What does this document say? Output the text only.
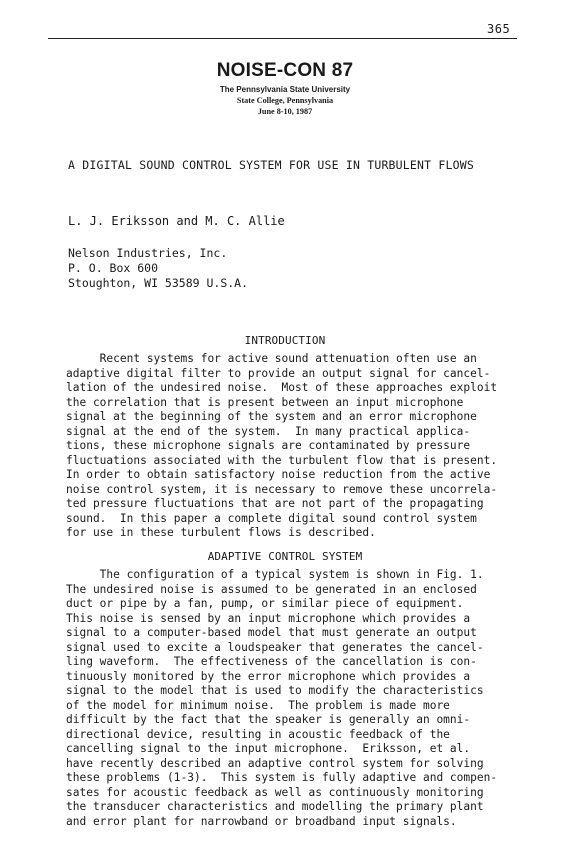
365
NOISE-CON 87
The Pennsylvania State University
State College, Pennsylvania
June 8-10, 1987
A DIGITAL SOUND CONTROL SYSTEM FOR USE IN TURBULENT FLOWS
L. J. Eriksson and M. C. Allie
Nelson Industries, Inc.
P. O. Box 600
Stoughton, WI 53589 U.S.A.
INTRODUCTION
Recent systems for active sound attenuation often use an
adaptive digital filter to provide an output signal for cancel-
lation of the undesired noise.  Most of these approaches exploit
the correlation that is present between an input microphone
signal at the beginning of the system and an error microphone
signal at the end of the system.  In many practical applica-
tions, these microphone signals are contaminated by pressure
fluctuations associated with the turbulent flow that is present.
In order to obtain satisfactory noise reduction from the active
noise control system, it is necessary to remove these uncorrela-
ted pressure fluctuations that are not part of the propagating
sound.  In this paper a complete digital sound control system
for use in these turbulent flows is described.
ADAPTIVE CONTROL SYSTEM
The configuration of a typical system is shown in Fig. 1.
The undesired noise is assumed to be generated in an enclosed
duct or pipe by a fan, pump, or similar piece of equipment.
This noise is sensed by an input microphone which provides a
signal to a computer-based model that must generate an output
signal used to excite a loudspeaker that generates the cancel-
ling waveform.  The effectiveness of the cancellation is con-
tinuously monitored by the error microphone which provides a
signal to the model that is used to modify the characteristics
of the model for minimum noise.  The problem is made more
difficult by the fact that the speaker is generally an omni-
directional device, resulting in acoustic feedback of the
cancelling signal to the input microphone.  Eriksson, et al.
have recently described an adaptive control system for solving
these problems (1-3).  This system is fully adaptive and compen-
sates for acoustic feedback as well as continuously monitoring
the transducer characteristics and modelling the primary plant
and error plant for narrowband or broadband input signals.
